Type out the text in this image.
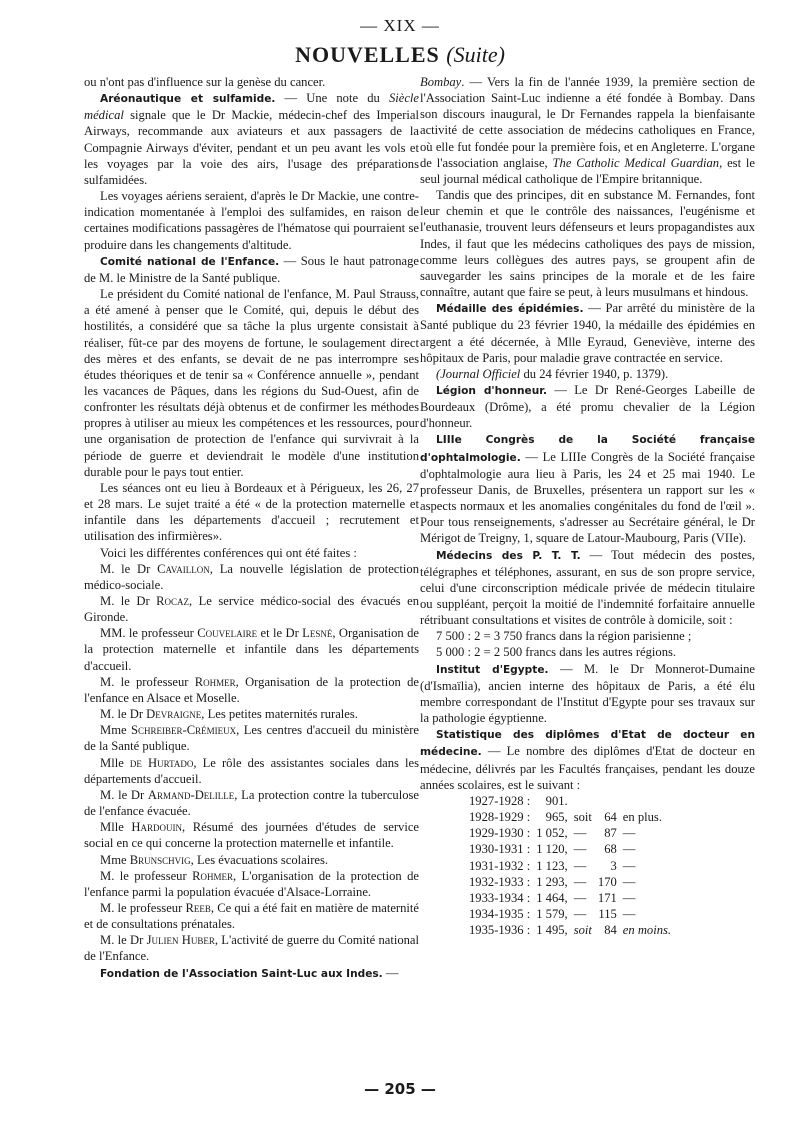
— XIX —
NOUVELLES (Suite)

ou n'ont pas d'influence sur la genèse du cancer.

Aréonautique et sulfamide. — Une note du Siècle médical signale que le Dr Mackie, médecin-chef des Imperial Airways, recommande aux aviateurs et aux passagers de la Compagnie Airways d'éviter, pendant et un peu avant les vols et les voyages par la voie des airs, l'usage des préparations sulfamidées.

Les voyages aériens seraient, d'après le Dr Mackie, une contre-indication momentanée à l'emploi des sulfamides, en raison de certaines modifications passagères de l'hématose qui pourraient se produire dans les changements d'altitude.

Comité national de l'Enfance. — Sous le haut patronage de M. le Ministre de la Santé publique.

Le président du Comité national de l'enfance, M. Paul Strauss, a été amené à penser que le Comité, qui, depuis le début des hostilités, a considéré que sa tâche la plus urgente consistait à réaliser, fût-ce par des moyens de fortune, le soulagement direct des mères et des enfants, se devait de ne pas interrompre ses études théoriques et de tenir sa « Conférence annuelle », pendant les vacances de Pâques, dans les régions du Sud-Ouest, afin de confronter les résultats déjà obtenus et de confirmer les méthodes propres à utiliser au mieux les compétences et les ressources, pour une organisation de protection de l'enfance qui survivrait à la période de guerre et deviendrait le modèle d'une institution durable pour le pays tout entier.

Les séances ont eu lieu à Bordeaux et à Périgueux, les 26, 27 et 28 mars. Le sujet traité a été « de la protection maternelle et infantile dans les départements d'accueil ; recrutement et utilisation des infirmières».

Voici les différentes conférences qui ont été faites :

M. le Dr Cavaillon, La nouvelle législation de protection médico-sociale.

M. le Dr Rocaz, Le service médico-social des évacués en Gironde.

MM. le professeur Couvelaire et le Dr Lesné, Organisation de la protection maternelle et infantile dans les départements d'accueil.

M. le professeur Rohmer, Organisation de la protection de l'enfance en Alsace et Moselle.

M. le Dr Devraigne, Les petites maternités rurales.

Mme Schreiber-Crémieux, Les centres d'accueil du ministère de la Santé publique.

Mlle de Hurtado, Le rôle des assistantes sociales dans les départements d'accueil.

M. le Dr Armand-Delille, La protection contre la tuberculose de l'enfance évacuée.

Mlle Hardouin, Résumé des journées d'études de service social en ce qui concerne la protection maternelle et infantile.

Mme Brunschvig, Les évacuations scolaires.

M. le professeur Rohmer, L'organisation de la protection de l'enfance parmi la population évacuée d'Alsace-Lorraine.

M. le professeur Reeb, Ce qui a été fait en matière de maternité et de consultations prénatales.

M. le Dr Julien Huber, L'activité de guerre du Comité national de l'Enfance.

Fondation de l'Association Saint-Luc aux Indes. —

Bombay. — Vers la fin de l'année 1939, la première section de l'Association Saint-Luc indienne a été fondée à Bombay. Dans son discours inaugural, le Dr Fernandes rappela la bienfaisante activité de cette association de médecins catholiques en France, où elle fut fondée pour la première fois, et en Angleterre. L'organe de l'association anglaise, The Catholic Medical Guardian, est le seul journal médical catholique de l'Empire britannique.

Tandis que des principes, dit en substance M. Fernandes, font leur chemin et que le contrôle des naissances, l'eugénisme et l'euthanasie, trouvent leurs défenseurs et leurs propagandistes aux Indes, il faut que les médecins catholiques des pays de mission, comme leurs collègues des autres pays, se groupent afin de sauvegarder les sains principes de la morale et de les faire connaître, autant que faire se peut, à leurs musulmans et hindous.

Médaille des épidémies. — Par arrêté du ministère de la Santé publique du 23 février 1940, la médaille des épidémies en argent a été décernée, à Mlle Eyraud, Geneviève, interne des hôpitaux de Paris, pour maladie grave contractée en service.

(Journal Officiel du 24 février 1940, p. 1379).

Légion d'honneur. — Le Dr René-Georges Labeille de Bourdeaux (Drôme), a été promu chevalier de la Légion d'honneur.

LIIIe Congrès de la Société française d'ophtalmologie. — Le LIIIe Congrès de la Société française d'ophtalmologie aura lieu à Paris, les 24 et 25 mai 1940. Le professeur Danis, de Bruxelles, présentera un rapport sur les « aspects normaux et les anomalies congénitales du fond de l'œil ». Pour tous renseignements, s'adresser au Secrétaire général, le Dr Mérigot de Treigny, 1, square de Latour-Maubourg, Paris (VIIe).

Médecins des P. T. T. — Tout médecin des postes, télégraphes et téléphones, assurant, en sus de son propre service, celui d'une circonscription médicale privée de médecin titulaire ou suppléant, perçoit la moitié de l'indemnité forfaitaire annuelle rétribuant consultations et visites de contrôle à domicile, soit :

7 500 : 2 = 3 750 francs dans la région parisienne ;

5 000 : 2 = 2 500 francs dans les autres régions.

Institut d'Egypte. — M. le Dr Monnerot-Dumaine (d'Ismaïlia), ancien interne des hôpitaux de Paris, a été élu membre correspondant de l'Institut d'Egypte pour ses travaux sur la pathologie égyptienne.

Statistique des diplômes d'Etat de docteur en médecine. — Le nombre des diplômes d'Etat de docteur en médecine, délivrés par les Facultés françaises, pendant les douze années scolaires, est le suivant :

1927-1928 :	901.			
1928-1929 :	965,	soit	64	en plus.
1929-1930 :	1 052,	—	87	—
1930-1931 :	1 120,	—	68	—
1931-1932 :	1 123,	—	3	—
1932-1933 :	1 293,	—	170	—
1933-1934 :	1 464,	—	171	—
1934-1935 :	1 579,	—	115	—
1935-1936 :	1 495,	soit	84	en moins.
— 205 —
